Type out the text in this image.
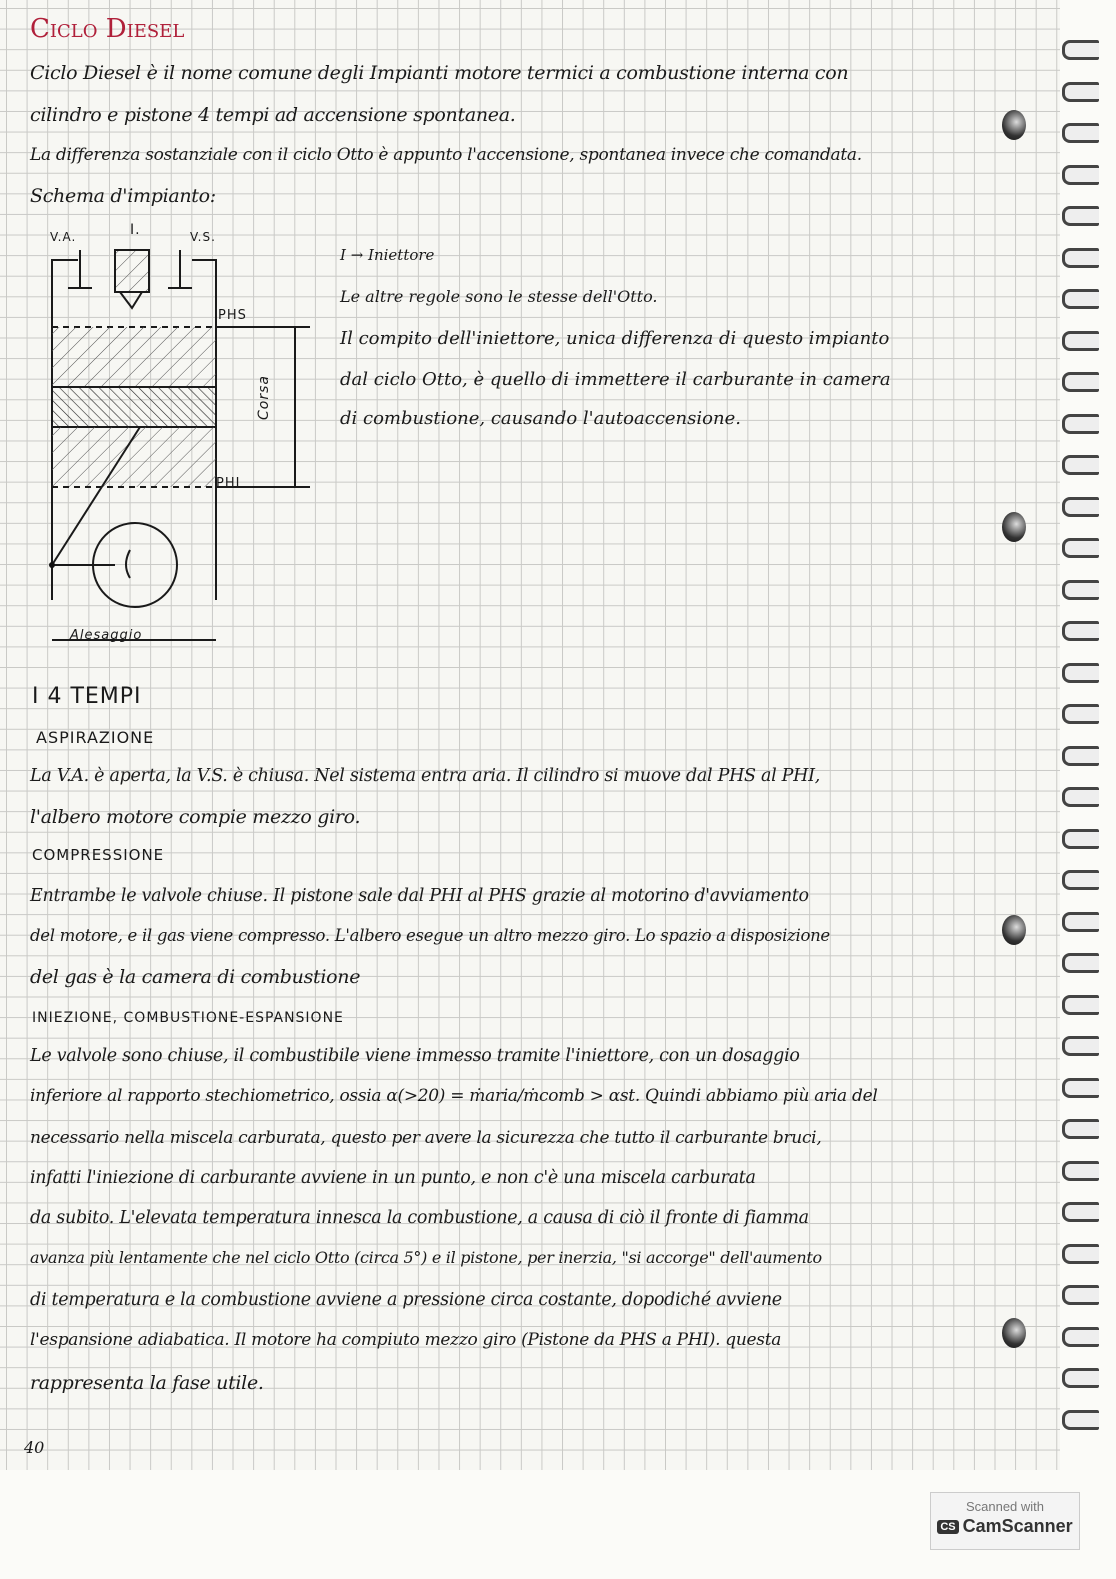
Ciclo Diesel
Ciclo Diesel è il nome comune degli Impianti motore termici a combustione interna con
cilindro e pistone 4 tempi ad accensione spontanea.
La differenza sostanziale con il ciclo Otto è appunto l'accensione, spontanea invece che comandata.
Schema d'impianto:
V.A.	I.	V.S.
PHS
PHI
Corsa
Alesaggio
I → Iniettore
Le altre regole sono le stesse dell'Otto.
Il compito dell'iniettore, unica differenza di questo impianto
dal ciclo Otto, è quello di immettere il carburante in camera
di combustione, causando l'autoaccensione.
I 4 TEMPI
ASPIRAZIONE
La V.A. è aperta, la V.S. è chiusa. Nel sistema entra aria. Il cilindro si muove dal PHS al PHI,
l'albero motore compie mezzo giro.
COMPRESSIONE
Entrambe le valvole chiuse. Il pistone sale dal PHI al PHS grazie al motorino d'avviamento
del motore, e il gas viene compresso. L'albero esegue un altro mezzo giro. Lo spazio a disposizione
del gas è la camera di combustione
INIEZIONE, COMBUSTIONE-ESPANSIONE
Le valvole sono chiuse, il combustibile viene immesso tramite l'iniettore, con un dosaggio
inferiore al rapporto stechiometrico, ossia α(>20) = ṁaria/ṁcomb > αst. Quindi abbiamo più aria del
necessario nella miscela carburata, questo per avere la sicurezza che tutto il carburante bruci,
infatti l'iniezione di carburante avviene in un punto, e non c'è una miscela carburata
da subito. L'elevata temperatura innesca la combustione, a causa di ciò il fronte di fiamma
avanza più lentamente che nel ciclo Otto (circa 5°) e il pistone, per inerzia, "si accorge" dell'aumento
di temperatura e la combustione avviene a pressione circa costante, dopodiché avviene
l'espansione adiabatica. Il motore ha compiuto mezzo giro (Pistone da PHS a PHI). questa
rappresenta la fase utile.
40
Scanned with
CS CamScanner
